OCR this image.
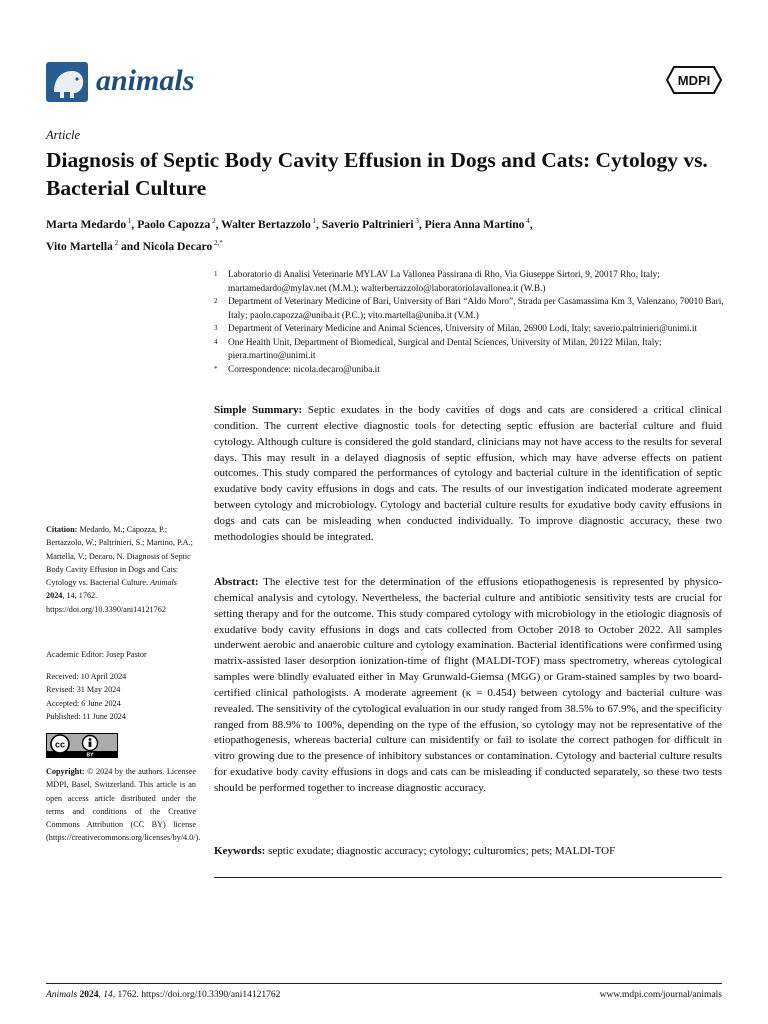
animals	MDPI
Article
Diagnosis of Septic Body Cavity Effusion in Dogs and Cats: Cytology vs. Bacterial Culture
Marta Medardo $^1$, Paolo Capozza $^2$, Walter Bertazzolo $^1$, Saverio Paltrinieri $^3$, Piera Anna Martino $^4$,
Vito Martella $^2$ and Nicola Decaro $^{2,*}$
1 Laboratorio di Analisi Veterinarie MYLAV La Vallonea Passirana di Rho, Via Giuseppe Sirtori, 9, 20017 Rho, Italy; martamedardo@mylav.net (M.M.); walterbertazzolo@laboratoriolavallonea.it (W.B.)
2 Department of Veterinary Medicine of Bari, University of Bari “Aldo Moro”, Strada per Casamassima Km 3, Valenzano, 70010 Bari, Italy; paolo.capozza@uniba.it (P.C.); vito.martella@uniba.it (V.M.)
3 Department of Veterinary Medicine and Animal Sciences, University of Milan, 26900 Lodi, Italy; saverio.paltrinieri@unimi.it
4 One Health Unit, Department of Biomedical, Surgical and Dental Sciences, University of Milan, 20122 Milan, Italy; piera.martino@unimi.it
* Correspondence: nicola.decaro@uniba.it

Simple Summary: Septic exudates in the body cavities of dogs and cats are considered a critical clinical condition. The current elective diagnostic tools for detecting septic effusion are bacterial culture and fluid cytology. Although culture is considered the gold standard, clinicians may not have access to the results for several days. This may result in a delayed diagnosis of septic effusion, which may have adverse effects on patient outcomes. This study compared the performances of cytology and bacterial culture in the identification of septic exudative body cavity effusions in dogs and cats. The results of our investigation indicated moderate agreement between cytology and microbiology. Cytology and bacterial culture results for exudative body cavity effusions in dogs and cats can be misleading when conducted individually. To improve diagnostic accuracy, these two methodologies should be integrated.

Abstract: The elective test for the determination of the effusions etiopathogenesis is represented by physico-chemical analysis and cytology. Nevertheless, the bacterial culture and antibiotic sensitivity tests are crucial for setting therapy and for the outcome. This study compared cytology with microbiology in the etiologic diagnosis of exudative body cavity effusions in dogs and cats collected from October 2018 to October 2022. All samples underwent aerobic and anaerobic culture and cytology examination. Bacterial identifications were confirmed using matrix-assisted laser desorption ionization-time of flight (MALDI-TOF) mass spectrometry, whereas cytological samples were blindly evaluated either in May Grunwald-Giemsa (MGG) or Gram-stained samples by two board-certified clinical pathologists. A moderate agreement (κ = 0.454) between cytology and bacterial culture was revealed. The sensitivity of the cytological evaluation in our study ranged from 38.5% to 67.9%, and the specificity ranged from 88.9% to 100%, depending on the type of the effusion, so cytology may not be representative of the etiopathogenesis, whereas bacterial culture can misidentify or fail to isolate the correct pathogen for difficult in vitro growing due to the presence of inhibitory substances or contamination. Cytology and bacterial culture results for exudative body cavity effusions in dogs and cats can be misleading if conducted separately, so these two tests should be performed together to increase diagnostic accuracy.

Keywords: septic exudate; diagnostic accuracy; cytology; culturomics; pets; MALDI-TOF

Citation: Medardo, M.; Capozza, P.; Bertazzolo, W.; Paltrinieri, S.; Martino, P.A.; Martella, V.; Decaro, N. Diagnosis of Septic Body Cavity Effusion in Dogs and Cats: Cytology vs. Bacterial Culture. Animals 2024, 14, 1762. https://doi.org/10.3390/ani14121762
Academic Editor: Josep Pastor
Received: 10 April 2024
Revised: 31 May 2024
Accepted: 6 June 2024
Published: 11 June 2024
cc
BY
Copyright: © 2024 by the authors. Licensee MDPI, Basel, Switzerland. This article is an open access article distributed under the terms and conditions of the Creative Commons Attribution (CC BY) license (https://creativecommons.org/licenses/by/4.0/).
Animals 2024, 14, 1762. https://doi.org/10.3390/ani14121762	www.mdpi.com/journal/animals
